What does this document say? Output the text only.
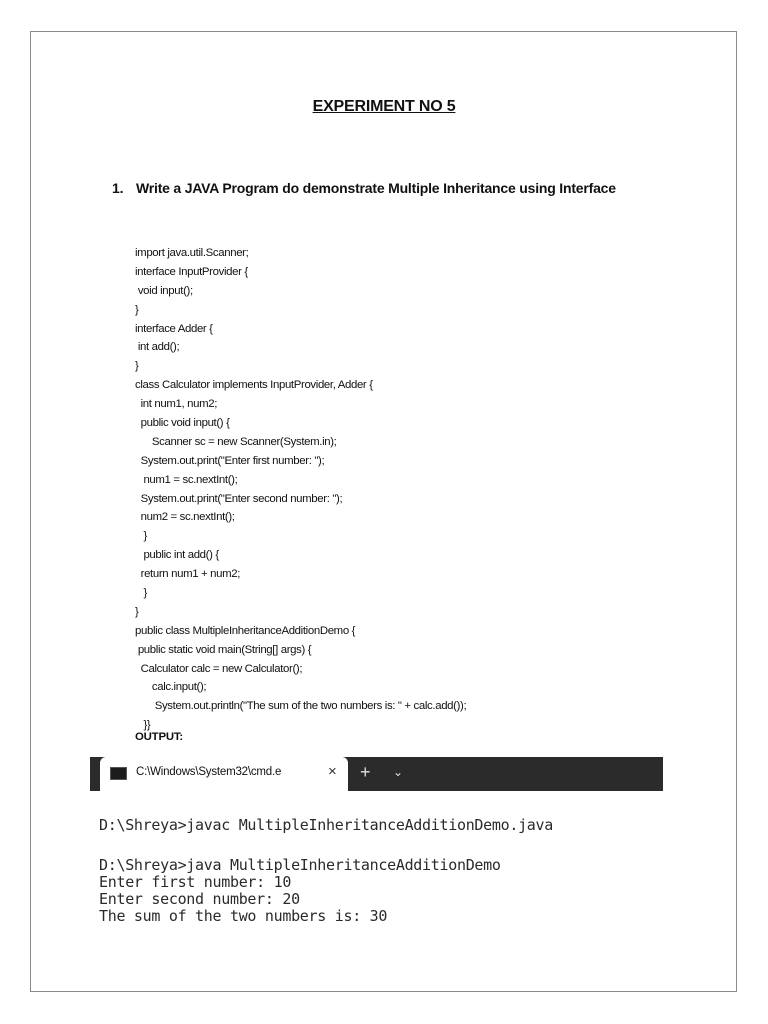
EXPERIMENT NO 5
1. Write a JAVA Program do demonstrate Multiple Inheritance using Interface
import java.util.Scanner;
interface InputProvider {
void input();
}
interface Adder {
int add();
}
class Calculator implements InputProvider, Adder {
int num1, num2;
public void input() {
Scanner sc = new Scanner(System.in);
System.out.print("Enter first number: ");
num1 = sc.nextInt();
System.out.print("Enter second number: ");
num2 = sc.nextInt();
}
public int add() {
return num1 + num2;
}
}
public class MultipleInheritanceAdditionDemo {
public static void main(String[] args) {
Calculator calc = new Calculator();
calc.input();
System.out.println("The sum of the two numbers is: " + calc.add());
}}
OUTPUT:
C:\Windows\System32\cmd.e	× + ⌄
D:\Shreya>javac MultipleInheritanceAdditionDemo.java
D:\Shreya>java MultipleInheritanceAdditionDemo
Enter first number: 10
Enter second number: 20
The sum of the two numbers is: 30
